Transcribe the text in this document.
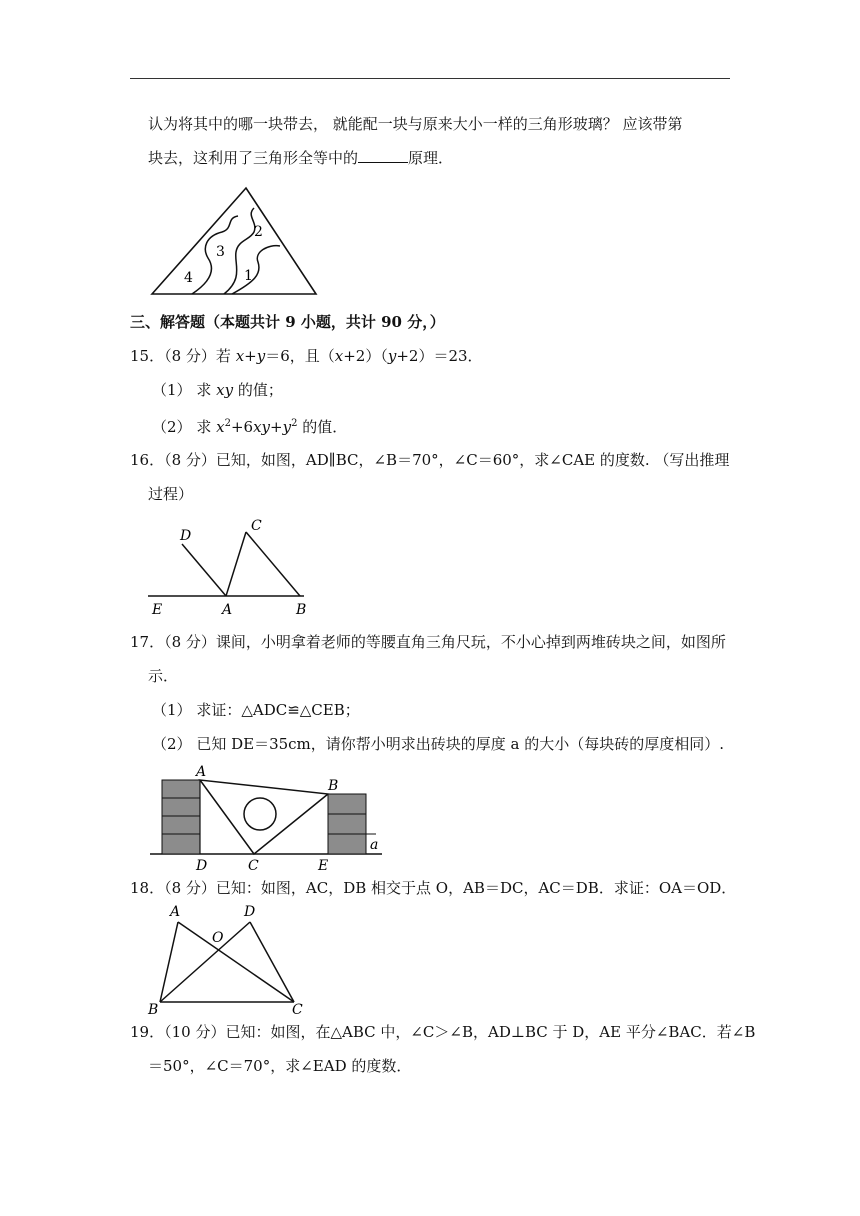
认为将其中的哪一块带去， 就能配一块与原来大小一样的三角形玻璃？ 应该带第
块去，这利用了三角形全等中的	原理．
1
2
3
4
三、解答题（本题共计 9 小题，共计 90 分，）
15．（8 分）若 x+y＝6，且（x+2）（y+2）＝23．
（1） 求 xy 的值；
（2） 求 $x^2+6xy+y^2$ 的值．
16．（8 分）已知，如图，AD∥BC，∠B＝70°，∠C＝60°，求∠CAE 的度数. （写出推理
过程）
D
C
E	A	B
17．（8 分）课间，小明拿着老师的等腰直角三角尺玩，不小心掉到两堆砖块之间，如图所
示．
（1） 求证：△ADC≌△CEB；
（2） 已知 DE＝35cm，请你帮小明求出砖块的厚度 a 的大小（每块砖的厚度相同）.
A
B
D	C	E
a
18．（8 分）已知：如图，AC，DB 相交于点 O，AB＝DC，AC＝DB．求证：OA＝OD．
A	D
O
B	C
19．（10 分）已知：如图，在△ABC 中，∠C＞∠B，AD⊥BC 于 D，AE 平分∠BAC．若∠B
＝50°，∠C＝70°，求∠EAD 的度数．
